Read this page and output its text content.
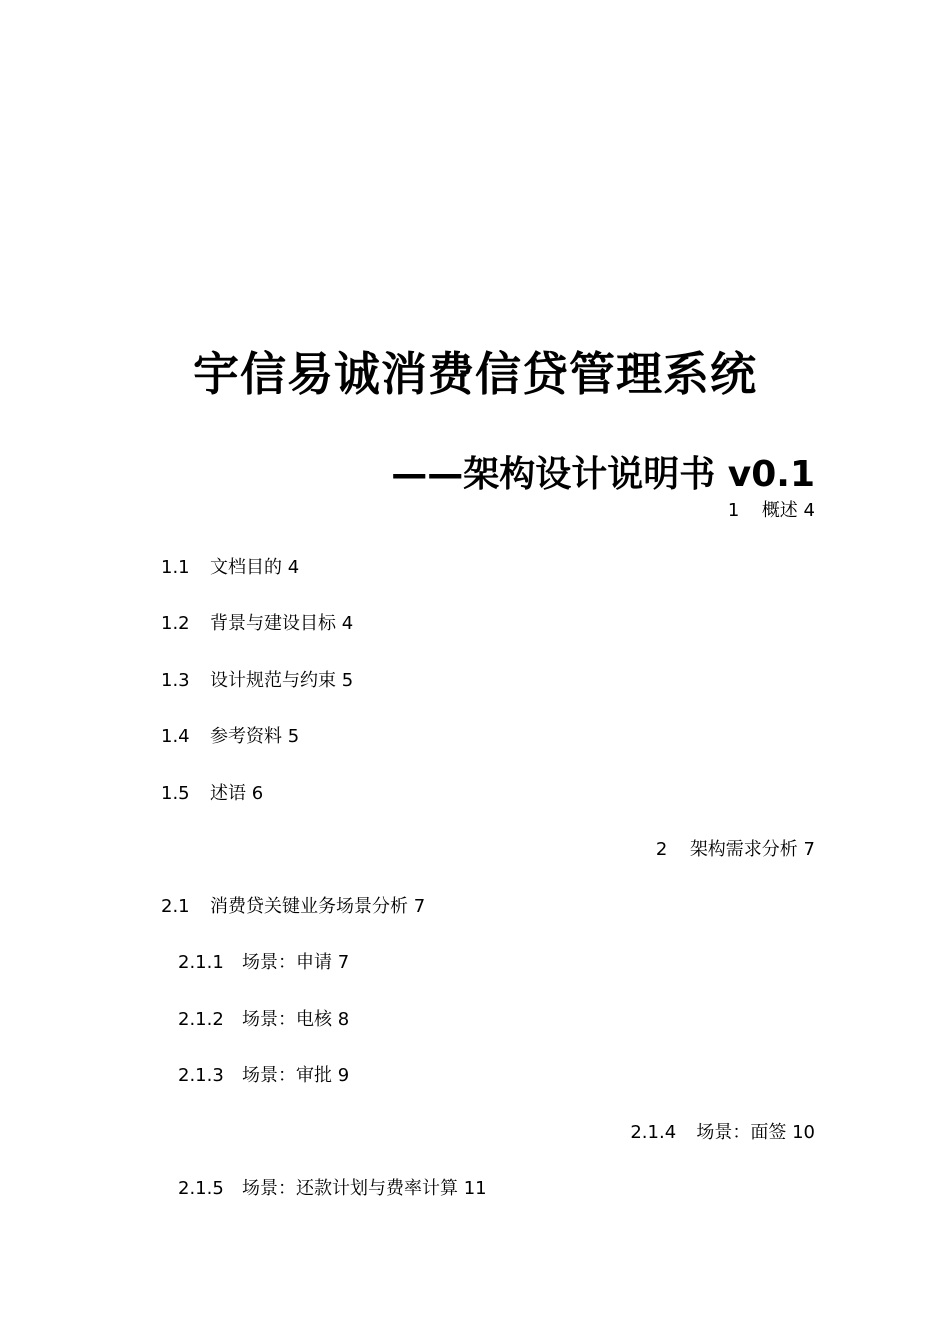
宇信易诚消费信贷管理系统
——架构设计说明书 v0.1
1 概述 4
1.1 文档目的 4
1.2 背景与建设目标 4
1.3 设计规范与约束 5
1.4 参考资料 5
1.5 述语 6
2 架构需求分析 7
2.1 消费贷关键业务场景分析 7
2.1.1 场景：申请 7
2.1.2 场景：电核 8
2.1.3 场景：审批 9
2.1.4 场景：面签 10
2.1.5 场景：还款计划与费率计算 11
